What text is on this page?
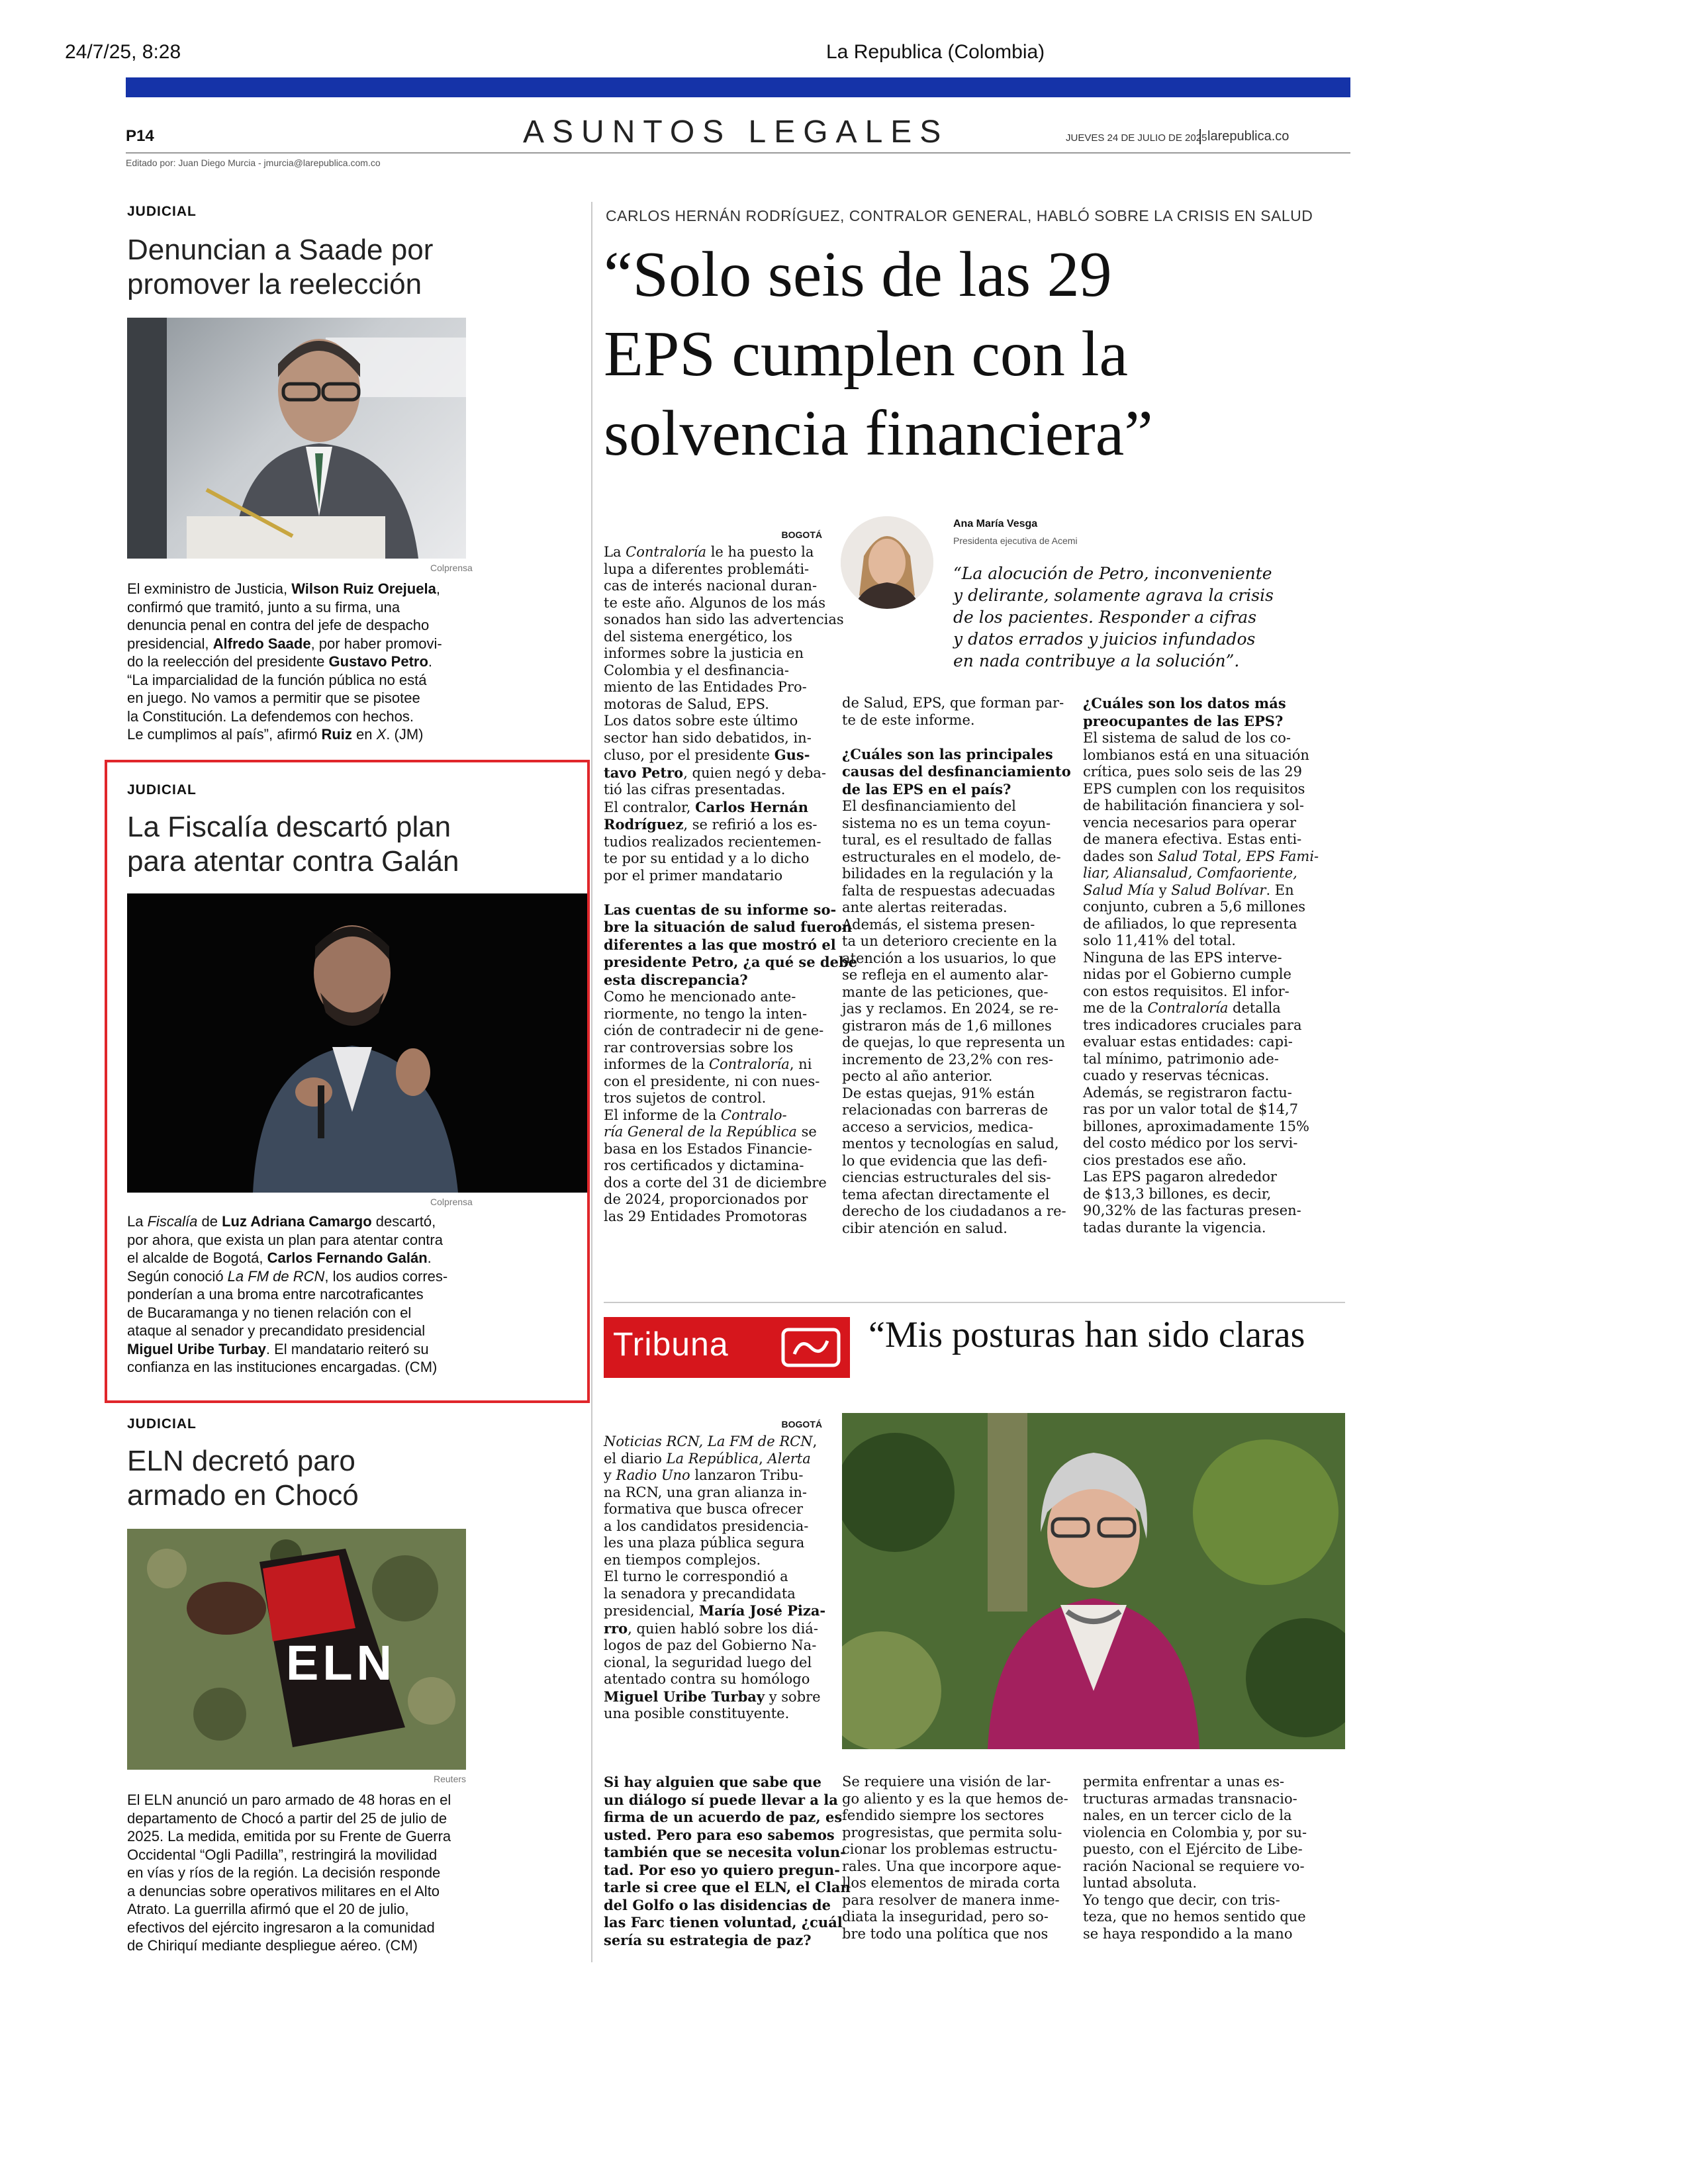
24/7/25, 8:28	La Republica (Colombia)
P14	ASUNTOS LEGALES	JUEVES 24 DE JULIO DE 2025 larepublica.co
Editado por: Juan Diego Murcia - jmurcia@larepublica.com.co
JUDICIAL
Denuncian a Saade por
promover la reelección
Colprensa
El exministro de Justicia, Wilson Ruiz Orejuela,
confirmó que tramitó, junto a su firma, una
denuncia penal en contra del jefe de despacho
presidencial, Alfredo Saade, por haber promovi-
do la reelección del presidente Gustavo Petro.
“La imparcialidad de la función pública no está
en juego. No vamos a permitir que se pisotee
la Constitución. La defendemos con hechos.
Le cumplimos al país”, afirmó Ruiz en X. (JM)
JUDICIAL
La Fiscalía descartó plan
para atentar contra Galán
Colprensa
La Fiscalía de Luz Adriana Camargo descartó,
por ahora, que exista un plan para atentar contra
el alcalde de Bogotá, Carlos Fernando Galán.
Según conoció La FM de RCN, los audios corres-
ponderían a una broma entre narcotraficantes
de Bucaramanga y no tienen relación con el
ataque al senador y precandidato presidencial
Miguel Uribe Turbay. El mandatario reiteró su
confianza en las instituciones encargadas. (CM)
JUDICIAL
ELN decretó paro
armado en Chocó
ELN
Reuters
El ELN anunció un paro armado de 48 horas en el
departamento de Chocó a partir del 25 de julio de
2025. La medida, emitida por su Frente de Guerra
Occidental “Ogli Padilla”, restringirá la movilidad
en vías y ríos de la región. La decisión responde
a denuncias sobre operativos militares en el Alto
Atrato. La guerrilla afirmó que el 20 de julio,
efectivos del ejército ingresaron a la comunidad
de Chiriquí mediante despliegue aéreo. (CM)
CARLOS HERNÁN RODRÍGUEZ, CONTRALOR GENERAL, HABLÓ SOBRE LA CRISIS EN SALUD
“Solo seis de las 29
EPS cumplen con la
solvencia financiera”
BOGOTÁ
Ana María Vesga
Presidenta ejecutiva de Acemi
“La alocución de Petro, inconveniente
y delirante, solamente agrava la crisis
de los pacientes. Responder a cifras
y datos errados y juicios infundados
en nada contribuye a la solución”.
La Contraloría le ha puesto la
lupa a diferentes problemáti-
cas de interés nacional duran-
te este año. Algunos de los más
sonados han sido las advertencias
del sistema energético, los
informes sobre la justicia en
Colombia y el desfinancia-
miento de las Entidades Pro-
motoras de Salud, EPS.
Los datos sobre este último
sector han sido debatidos, in-
cluso, por el presidente Gus-
tavo Petro, quien negó y deba-
tió las cifras presentadas.
El contralor, Carlos Hernán
Rodríguez, se refirió a los es-
tudios realizados recientemen-
te por su entidad y a lo dicho
por el primer mandatario

Las cuentas de su informe so-
bre la situación de salud fueron
diferentes a las que mostró el
presidente Petro, ¿a qué se debe
esta discrepancia?
Como he mencionado ante-
riormente, no tengo la inten-
ción de contradecir ni de gene-
rar controversias sobre los
informes de la Contraloría, ni
con el presidente, ni con nues-
tros sujetos de control.
El informe de la Contralo-
ría General de la República se
basa en los Estados Financie-
ros certificados y dictamina-
dos a corte del 31 de diciembre
de 2024, proporcionados por
las 29 Entidades Promotoras
de Salud, EPS, que forman par-
te de este informe.

¿Cuáles son las principales
causas del desfinanciamiento
de las EPS en el país?
El desfinanciamiento del
sistema no es un tema coyun-
tural, es el resultado de fallas
estructurales en el modelo, de-
bilidades en la regulación y la
falta de respuestas adecuadas
ante alertas reiteradas.
Además, el sistema presen-
ta un deterioro creciente en la
atención a los usuarios, lo que
se refleja en el aumento alar-
mante de las peticiones, que-
jas y reclamos. En 2024, se re-
gistraron más de 1,6 millones
de quejas, lo que representa un
incremento de 23,2% con res-
pecto al año anterior.
De estas quejas, 91% están
relacionadas con barreras de
acceso a servicios, medica-
mentos y tecnologías en salud,
lo que evidencia que las defi-
ciencias estructurales del sis-
tema afectan directamente el
derecho de los ciudadanos a re-
cibir atención en salud.
¿Cuáles son los datos más
preocupantes de las EPS?
El sistema de salud de los co-
lombianos está en una situación
crítica, pues solo seis de las 29
EPS cumplen con los requisitos
de habilitación financiera y sol-
vencia necesarios para operar
de manera efectiva. Estas enti-
dades son Salud Total, EPS Fami-
liar, Aliansalud, Comfaoriente,
Salud Mía y Salud Bolívar. En
conjunto, cubren a 5,6 millones
de afiliados, lo que representa
solo 11,41% del total.
Ninguna de las EPS interve-
nidas por el Gobierno cumple
con estos requisitos. El infor-
me de la Contraloría detalla
tres indicadores cruciales para
evaluar estas entidades: capi-
tal mínimo, patrimonio ade-
cuado y reservas técnicas.
Además, se registraron factu-
ras por un valor total de $14,7
billones, aproximadamente 15%
del costo médico por los servi-
cios prestados ese año.
Las EPS pagaron alrededor
de $13,3 billones, es decir,
90,32% de las facturas presen-
tadas durante la vigencia.
Tribuna	“Mis posturas han sido claras
BOGOTÁ
Noticias RCN, La FM de RCN,
el diario La República, Alerta
y Radio Uno lanzaron Tribu-
na RCN, una gran alianza in-
formativa que busca ofrecer
a los candidatos presidencia-
les una plaza pública segura
en tiempos complejos.
El turno le correspondió a
la senadora y precandidata
presidencial, María José Piza-
rro, quien habló sobre los diá-
logos de paz del Gobierno Na-
cional, la seguridad luego del
atentado contra su homólogo
Miguel Uribe Turbay y sobre
una posible constituyente.
Si hay alguien que sabe que
un diálogo sí puede llevar a la
firma de un acuerdo de paz, es
usted. Pero para eso sabemos
también que se necesita volun-
tad. Por eso yo quiero pregun-
tarle si cree que el ELN, el Clan
del Golfo o las disidencias de
las Farc tienen voluntad, ¿cuál
sería su estrategia de paz?
Se requiere una visión de lar-
go aliento y es la que hemos de-
fendido siempre los sectores
progresistas, que permita solu-
cionar los problemas estructu-
rales. Una que incorpore aque-
llos elementos de mirada corta
para resolver de manera inme-
diata la inseguridad, pero so-
bre todo una política que nos
permita enfrentar a unas es-
tructuras armadas transnacio-
nales, en un tercer ciclo de la
violencia en Colombia y, por su-
puesto, con el Ejército de Libe-
ración Nacional se requiere vo-
luntad absoluta.
Yo tengo que decir, con tris-
teza, que no hemos sentido que
se haya respondido a la mano
